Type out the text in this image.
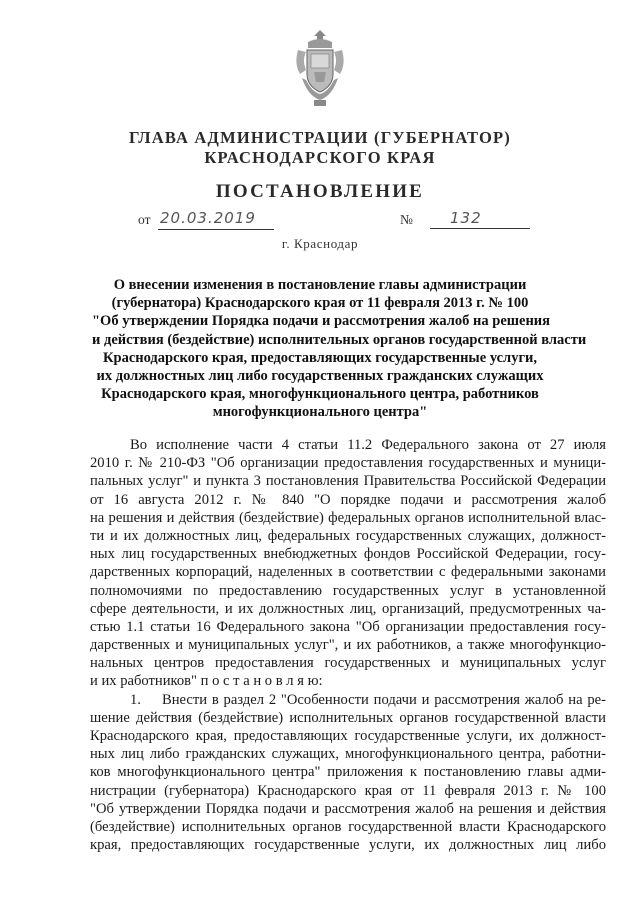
ГЛАВА АДМИНИСТРАЦИИ (ГУБЕРНАТОР)
КРАСНОДАРСКОГО КРАЯ
ПОСТАНОВЛЕНИЕ
от 20.03.2019	№	132
г. Краснодар
О внесении изменения в постановление главы администрации
(губернатора) Краснодарского края от 11 февраля 2013 г. № 100
"Об утверждении Порядка подачи и рассмотрения жалоб на решения
и действия (бездействие) исполнительных органов государственной власти
Краснодарского края, предоставляющих государственные услуги,
их должностных лиц либо государственных гражданских служащих
Краснодарского края, многофункционального центра, работников
многофункционального центра"
Во исполнение части 4 статьи 11.2 Федерального закона от 27 июля
2010 г. № 210-ФЗ "Об организации предоставления государственных и муници-
пальных услуг" и пункта 3 постановления Правительства Российской Федерации
от 16 августа 2012 г. № 840 "О порядке подачи и рассмотрения жалоб
на решения и действия (бездействие) федеральных органов исполнительной влас-
ти и их должностных лиц, федеральных государственных служащих, должност-
ных лиц государственных внебюджетных фондов Российской Федерации, госу-
дарственных корпораций, наделенных в соответствии с федеральными законами
полномочиями по предоставлению государственных услуг в установленной
сфере деятельности, и их должностных лиц, организаций, предусмотренных ча-
стью 1.1 статьи 16 Федерального закона "Об организации предоставления госу-
дарственных и муниципальных услуг", и их работников, а также многофункцио-
нальных центров предоставления государственных и муниципальных услуг
и их работников" п о с т а н о в л я ю:
1.	Внести в раздел 2 "Особенности подачи и рассмотрения жалоб на ре-
шение действия (бездействие) исполнительных органов государственной власти
Краснодарского края, предоставляющих государственные услуги, их должност-
ных лиц либо гражданских служащих, многофункционального центра, работни-
ков многофункционального центра" приложения к постановлению главы адми-
нистрации (губернатора) Краснодарского края от 11 февраля 2013 г. № 100
"Об утверждении Порядка подачи и рассмотрения жалоб на решения и действия
(бездействие) исполнительных органов государственной власти Краснодарского
края, предоставляющих государственные услуги, их должностных лиц либо
